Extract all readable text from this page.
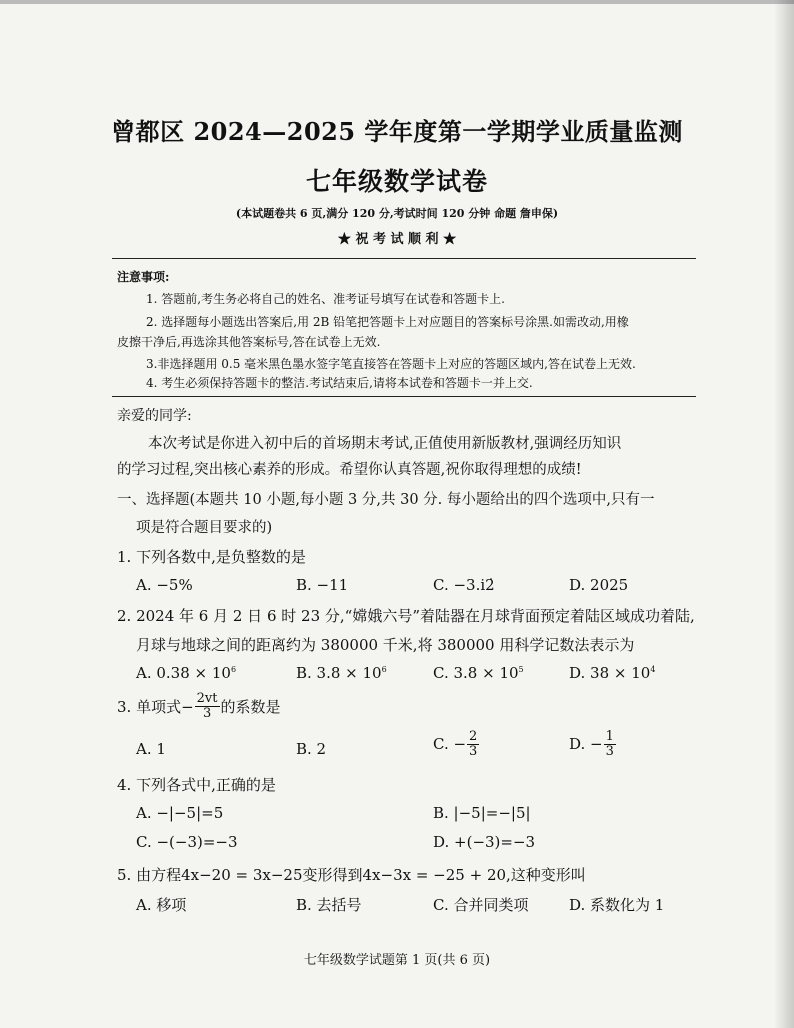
曾都区 2024—2025 学年度第一学期学业质量监测
七年级数学试卷
(本试题卷共 6 页,满分 120 分,考试时间 120 分钟 命题 詹申保)
★ 祝 考 试 顺 利 ★
注意事项:
1. 答题前,考生务必将自己的姓名、准考证号填写在试卷和答题卡上.
2. 选择题每小题选出答案后,用 2B 铅笔把答题卡上对应题目的答案标号涂黑.如需改动,用橡
皮擦干净后,再选涂其他答案标号,答在试卷上无效.
3.非选择题用 0.5 毫米黑色墨水签字笔直接答在答题卡上对应的答题区域内,答在试卷上无效.
4. 考生必须保持答题卡的整洁.考试结束后,请将本试卷和答题卡一并上交.
亲爱的同学:
本次考试是你进入初中后的首场期末考试,正值使用新版教材,强调经历知识
的学习过程,突出核心素养的形成。希望你认真答题,祝你取得理想的成绩!
一、选择题(本题共 10 小题,每小题 3 分,共 30 分. 每小题给出的四个选项中,只有一
项是符合题目要求的)
1. 下列各数中,是负整数的是
A. −5%	B. −11	C. −3.i2̇	D. 2025
2. 2024 年 6 月 2 日 6 时 23 分,“嫦娥六号”着陆器在月球背面预定着陆区域成功着陆,
月球与地球之间的距离约为 380000 千米,将 380000 用科学记数法表示为
A. $0.38 \times 10^6$	B. $3.8 \times 10^6$	C. $3.8 \times 10^5$	D. $38 \times 10^4$
3. 单项式− $\frac{2vt}{3}$ 的系数是
A. 1	B. 2	C. − $\frac{2}{3}$	D. − $\frac{1}{3}$
4. 下列各式中,正确的是
A. −|−5|=5	B. |−5|=−|5|
C. −(−3)=−3	D. +(−3)=−3
5. 由方程4x−20 = 3x−25变形得到4x−3x = −25 + 20,这种变形叫
A. 移项	B. 去括号	C. 合并同类项	D. 系数化为 1
七年级数学试题第 1 页(共 6 页)
